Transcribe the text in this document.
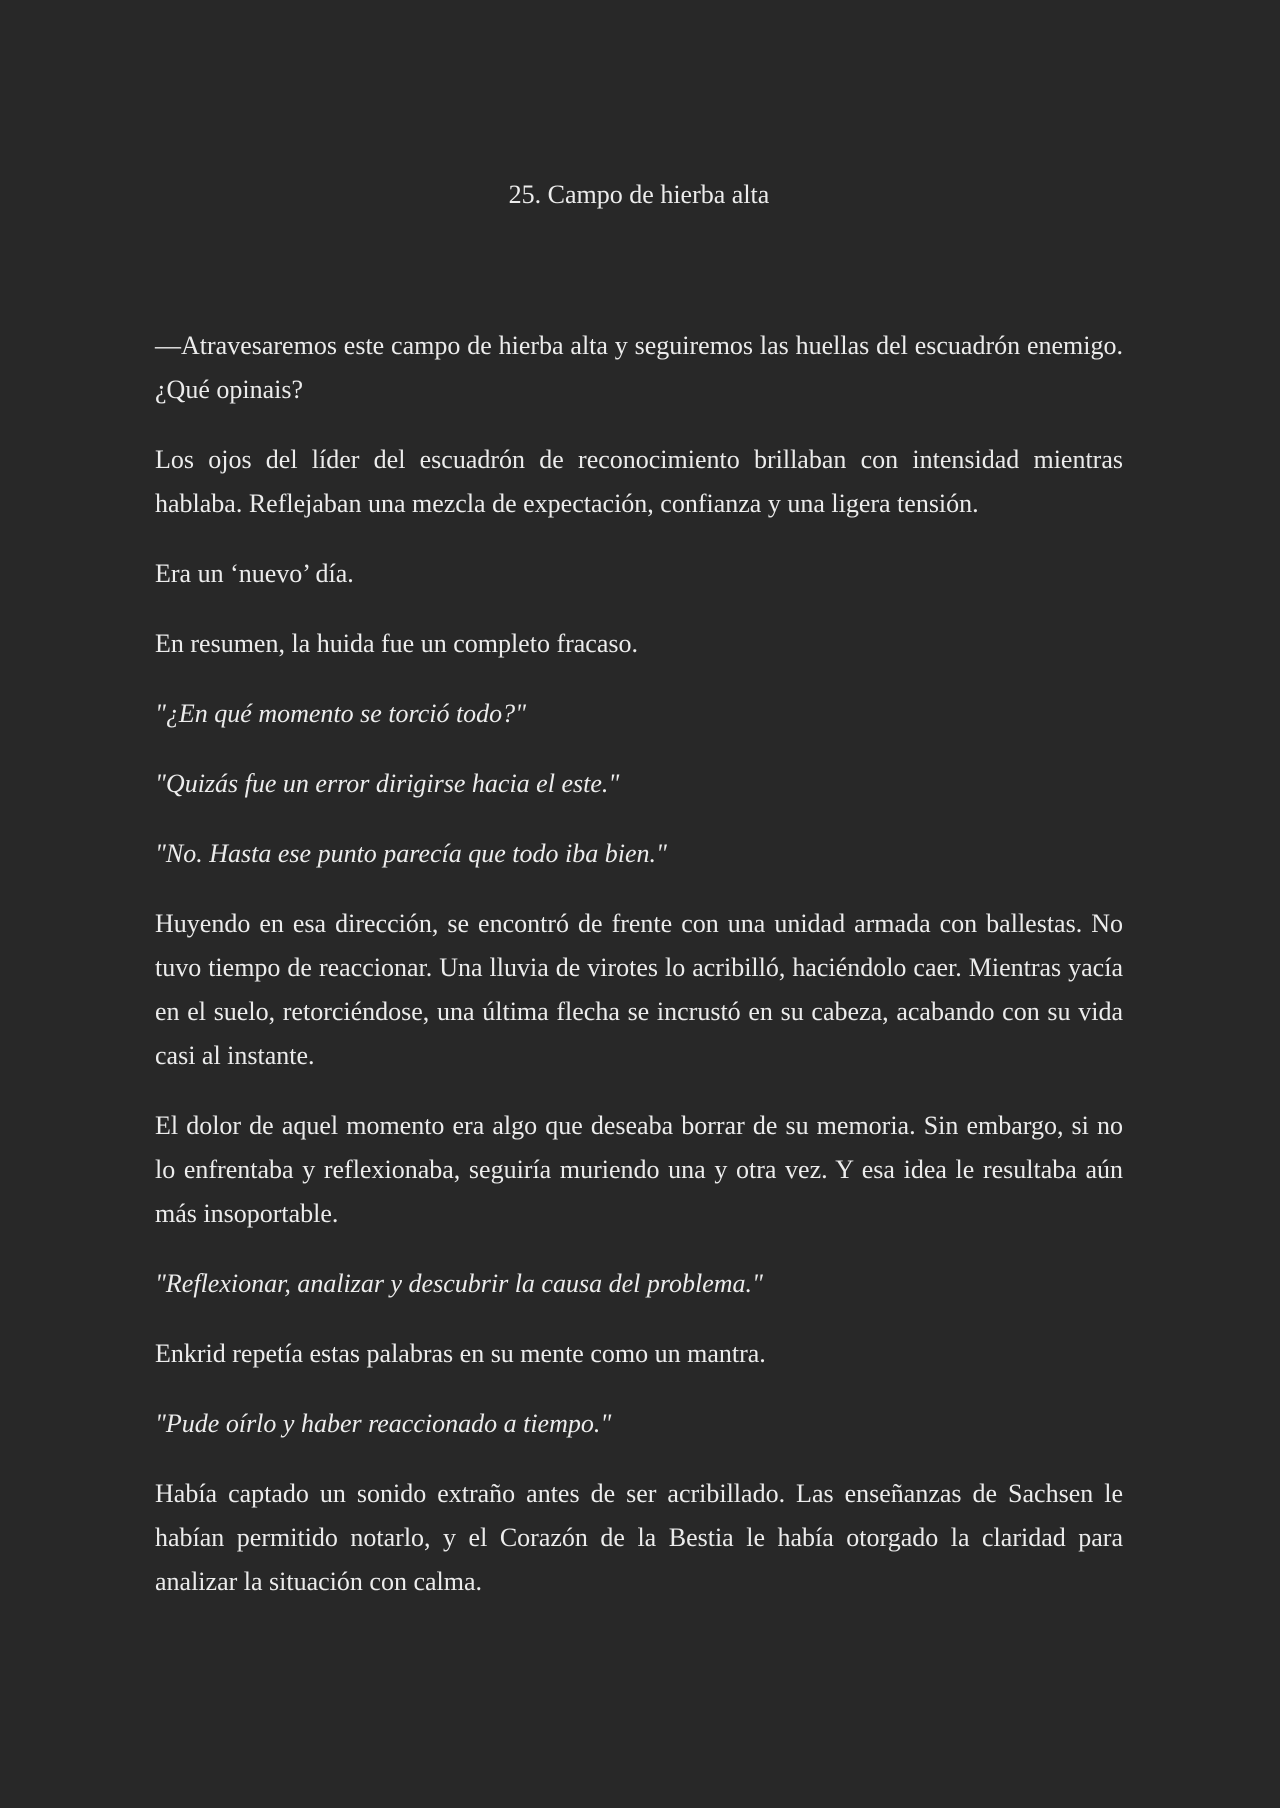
25. Campo de hierba alta

—Atravesaremos este campo de hierba alta y seguiremos las huellas del escuadrón enemigo. ¿Qué opinais?

Los ojos del líder del escuadrón de reconocimiento brillaban con intensidad mientras hablaba. Reflejaban una mezcla de expectación, confianza y una ligera tensión.

Era un ‘nuevo’ día.

En resumen, la huida fue un completo fracaso.

"¿En qué momento se torció todo?"

"Quizás fue un error dirigirse hacia el este."

"No. Hasta ese punto parecía que todo iba bien."

Huyendo en esa dirección, se encontró de frente con una unidad armada con ballestas. No tuvo tiempo de reaccionar. Una lluvia de virotes lo acribilló, haciéndolo caer. Mientras yacía en el suelo, retorciéndose, una última flecha se incrustó en su cabeza, acabando con su vida casi al instante.

El dolor de aquel momento era algo que deseaba borrar de su memoria. Sin embargo, si no lo enfrentaba y reflexionaba, seguiría muriendo una y otra vez. Y esa idea le resultaba aún más insoportable.

"Reflexionar, analizar y descubrir la causa del problema."

Enkrid repetía estas palabras en su mente como un mantra.

"Pude oírlo y haber reaccionado a tiempo."

Había captado un sonido extraño antes de ser acribillado. Las enseñanzas de Sachsen le habían permitido notarlo, y el Corazón de la Bestia le había otorgado la claridad para analizar la situación con calma.
